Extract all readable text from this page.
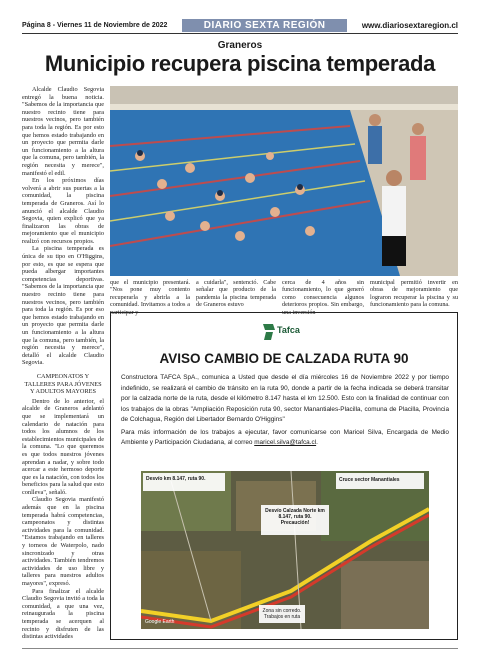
Página 8 - Viernes 11 de Noviembre de 2022	DIARIO SEXTA REGIÓN	www.diariosextaregion.cl
Graneros
Municipio recupera piscina temperada

Alcalde Claudio Segovia entregó la buena noticia. "Sabemos de la importancia que nuestro recinto tiene para nuestros vecinos, pero también para toda la región. Es por esto que hemos estado trabajando en un proyecto que permita darle un funcionamiento a la altura que la comuna, pero también, la región necesita y merece", manifestó el edil.

En los próximos días volverá a abrir sus puertas a la comunidad, la piscina temperada de Graneros. Así lo anunció el alcalde Claudio Segovia, quien explicó que ya finalizaron las obras de mejoramiento que el municipio realizó con recursos propios.

La piscina temperada es única de su tipo en O'Higgins, por esto, es que se espera que pueda albergar importantes competencias deportivas. "Sabemos de la importancia que nuestro recinto tiene para nuestros vecinos, pero también para toda la región. Es por eso que hemos estado trabajando en un proyecto que permita darle un funcionamiento a la altura que la comuna, pero también, la región necesita y merece", detalló el alcalde Claudio Segovia.

CAMPEONATOS Y TALLERES PARA JÓVENES Y ADULTOS MAYORES

Dentro de lo anterior, el alcalde de Graneros adelantó que se implementará un calendario de natación para todos los alumnos de los establecimientos municipales de la comuna. "Lo que queremos es que todos nuestros jóvenes aprendan a nadar, y sobre todo acercar a este hermoso deporte que es la natación, con todos los beneficios para la salud que esto conlleva", señaló.

Claudio Segovia manifestó además que en la piscina temperada habrá competencias, campeonatos y distintas actividades para la comunidad. "Estamos trabajando en talleres y torneos de Waterpolo, nado sincronizado y otras actividades. También tendremos actividades de uso libre y talleres para nuestros adultos mayores", expresó.

Para finalizar el alcalde Claudio Segovia invitó a toda la comunidad, a que una vez, reinaugurada la piscina temperada se acerquen al recinto y disfruten de las distintas actividades

que el municipio presentará. "Nos pone muy contento recuperarla y abrirla a la comunidad. Invitamos a todos a participar y
a cuidarla", sentenció. Cabe señalar que producto de la pandemia la piscina temperada de Graneros estuvo
cerca de 4 años sin funcionamiento, lo que generó como consecuencia algunos deterioros propios. Sin embargo, una inversión
municipal permitió invertir en obras de mejoramiento que lograron recuperar la piscina y su funcionamiento para la comuna.
Tafca
AVISO CAMBIO DE CALZADA RUTA 90

Constructora TAFCA SpA., comunica a Usted que desde el día miércoles 16 de Noviembre 2022 y por tiempo indefinido, se realizará el cambio de tránsito en la ruta 90, donde a partir de la fecha indicada se deberá transitar por la calzada norte de la ruta, desde el kilómetro 8.147 hasta el km 12.500. Esto con la finalidad de continuar con los trabajos de la obras "Ampliación Reposición ruta 90, sector Manantiales-Placilla, comuna de Placilla, Provincia de Colchagua, Región del Libertador Bernardo O'Higgins"

Para más información de los trabajos a ejecutar, favor comunicarse con Maricel Silva, Encargada de Medio Ambiente y Participación Ciudadana, al correo maricel.silva@tafca.cl.

Desvío km 8.147, ruta 90.	Cruce sector Manantiales
Desvío Calzada Norte km 8.147, ruta 90. Precaución!
Zona sin corredo. Trabajos en ruta
Google Earth
